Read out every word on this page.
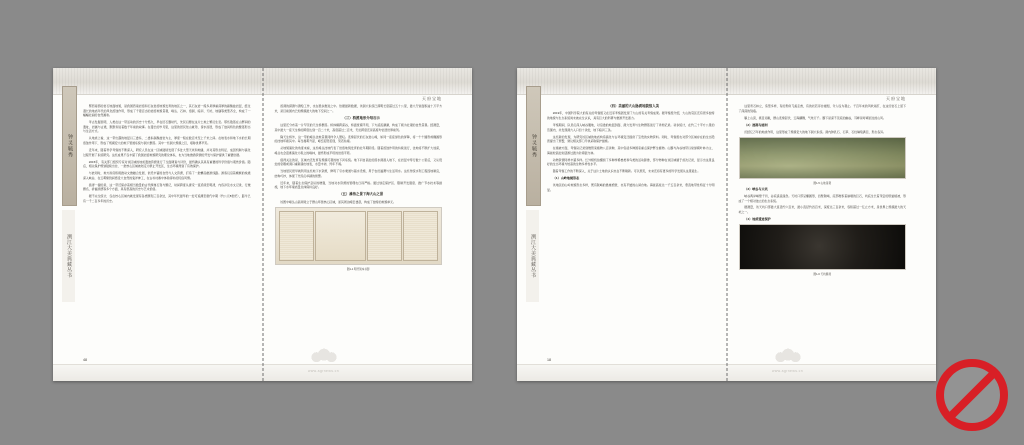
钟灵毓秀
溯江大美典藏丛书

鄂西南部的岩石地面地貌，是我国西南岩溶和石灰岩溶地貌发育的地区之一，其石灰岩一般多是厚重深厚的碳酸盐岩层，经过漫长的地质年代的风化溶蚀作用，形成了千姿百态的岩溶地貌景观，峰丛、石林、溶洞、暗河、天坑、地缝等类型齐全，构成了一幅幅壮丽的自然画卷。

考古发掘表明，人类在这一带活动的历史十分悠久，早在旧石器时代，先民们便在这片土地上繁衍生息。那些散落在山野间的遗址、岩画与古道，默默诉说着数千年前的故事。在漫长的岁月里，这里的居民依山就势，傍水而居，形成了独具特色的聚落形态与生活方式。

从地质上看，这一带出露的地层以三叠系、二叠系碳酸盐岩为主，厚度一般在数百米至上千米之间。在地表水和地下水的长期溶蚀作用下，形成了规模宏大的地下管道系统与洞穴群落。其中一些洞穴规模之巨，堪称世界罕见。

近年来，随着科学考察的不断深入，研究人员在这一区域陆续发现了多处大型天坑和地缝，并对其形态特征、成因机制与演化过程开展了系统研究。这些成果不仅丰富了我国岩溶地貌研究的理论体系，也为当地旅游资源的开发与保护提供了重要依据。

2015年，有关部门组织专家对该区域的地质遗迹资源进行了全面调查与评价，最终确认其具有重要的科学价值与观赏价值。随后，相关保护规划陆续出台，一批核心区域被划定为禁止开发区，生态环境得到了有效保护。

与此同时，地方政府积极推动文旅融合发展，依托丰富的自然与人文资源，打造了一批精品旅游线路。游客们沿着蜿蜒的栈道深入峡谷，在云雾缭绕间感受大自然的鬼斧神工，在古朴村寨中体验淳朴的民俗风情。

值得一提的是，这一带还保存着相当数量的古代摩崖石刻与题记，时间跨度从唐宋一直延续至明清，内容涉及水文记录、行旅题名、祈福颂德等多个方面，具有很高的历史与艺术价值。

据不完全统计，仅在核心区域内就发现有各类题刻三百余处，其中年代最早的一处可追溯至唐代中期（约公元8世纪），距今已有一千二百多年的历史。

48

溶洞的探测与测绘工作，也在稳步推进之中。依据最新数据，该洞穴系统已探明长度超过五十公里，最大厅堂面积逾十万平方米，是目前国内已知规模最大的地下空间之一。

（三）桥渡地形介绍石示

这里还分布着一片罕见的天生桥群落。桥体横跨深谷，桥面宽阔平坦，下方溪流潺潺，构成了极为壮观的自然景观。经测量，其中最大一座天生桥的跨度达到一百二十米，高度超过二百米，无论跨度还是高度均位居世界前列。

除天生桥外，这一带的峰丛洼地景观同样令人赞叹。连绵起伏的石灰岩山峰，如同一座座绿色的屏障，将一个个圆形或椭圆形的洼地环抱其中。每当晨雾升起，峰峦若隐若现，宛若仙境。

从地貌演化的角度来看，这些峰丛洼地代表了岩溶地貌发育的壮年期阶段。随着溶蚀作用的持续进行，洼地将不断扩大加深，峰丛也会逐渐演化为孤立的峰林，最终形成平坦的岩溶平原。

值得关注的是，区域内还发育有规模可观的地下河系统。地下河自高处的落水洞潜入地下，在岩层中穿行数十公里后，又从低处的泉眼或洞口重新涌出地表，水量丰沛，终年不竭。

当地居民很早就利用这些地下水资源，修筑了引水渠道与蓄水设施，用于农田灌溉与生活用水。这些传统水利工程因地制宜，结构巧妙，体现了先民们卓越的智慧。

近年来，随着生态保护意识的增强，当地对水资源的管理也日趋严格。通过划定保护区、限制开发强度、推广节水技术等措施，地下水环境质量总体保持良好。

（五）雄伟之景下海大山之景

该图中峰丛山高耸陡立于群山环绕核心区域，而其周边峰峦叠起，构成了独特的地貌单元。

图1-1 明代刻本书影
天府宝地
www.agrnews.cn
钟灵毓秀
溯江大美典藏丛书

（四）美丽的大山脉质地貌惊人美

2019年，中国科学院大的有关的考察组又在近邻考察团发现了大山的有关考察成果。据考察组介绍，大山的景区还有很多独特的地貌与生态系统尚未被完全认识，具有巨大的科研与旅游开发潜力。

考察期间，队员们深入峡谷腹地，对沿途的地层剖面、洞穴发育与生物群落进行了详细记录。初步统计，在约三十平方公里的范围内，共发现洞穴入口四十余处，地下暗河三条。

这些新的发现，为研究该区域的地质构造演化与古环境变迁提供了宝贵的实物资料。同时，考察组也对部分区域存在的生态隐患提出了预警，建议相关部门尽快采取保护措施。

在植被方面，考察队记录到维管束植物八百余种，其中包括多种国家重点保护野生植物。山脚与沟谷地带以常绿阔叶林为主，海拔较高处则逐渐过渡为针阔混交林。

动物资源同样丰富多样。红外相机拍摄到了多种珍稀兽类和鸟类的活动影像，部分物种在该区域属于首次记录，显示出这里良好的生态环境与较高的生物多样性水平。

随着考察工作的不断深入，关于这片土地的认识也在不断刷新。可以预见，未来还将有更多的科学发现从这里诞生。

（1）山岭地貌形态

该地区的山岭地貌形态多样，既有陡峭的悬崖绝壁，也有平缓的山间台地。海拔高差达一千五百余米，垂直地带性特征十分明显。

18

这里奇石林立，造型多样，有的形似飞禽走兽，有的状若亭台楼阁，令人叹为观止。千百年来的风吹雨打，在这些岩石上留下了深深的刻痕。

攀上山顶，极目远眺，群山连绵起伏，云海翻腾，气象万千。脚下是深不见底的幽谷，耳畔是呼啸而过的山风。

（2）溶洞与暗河

历经亿万年的地质作用，这里形成了规模宏大的地下洞穴系统。洞内钟乳石、石笋、石柱琳琅满目，形态各异。

图1-5 山地景观

（3）峡谷与天坑

峡谷两岸峭壁千仞，谷底溪流湍急。天坑口部呈椭圆形，四壁陡峭，底部堆积着崩塌的巨石，坑底生长着茂密的原始植被，形成了一个相对独立的生态系统。

据测量，该天坑口部最大直径约六百米，最小直径约四百米，深度达三百余米，容积超过一亿立方米，是世界上规模最大的天坑之一。

（4）地质遗迹保护

图1-6 天坑俯视
天府宝地
www.agrnews.cn
